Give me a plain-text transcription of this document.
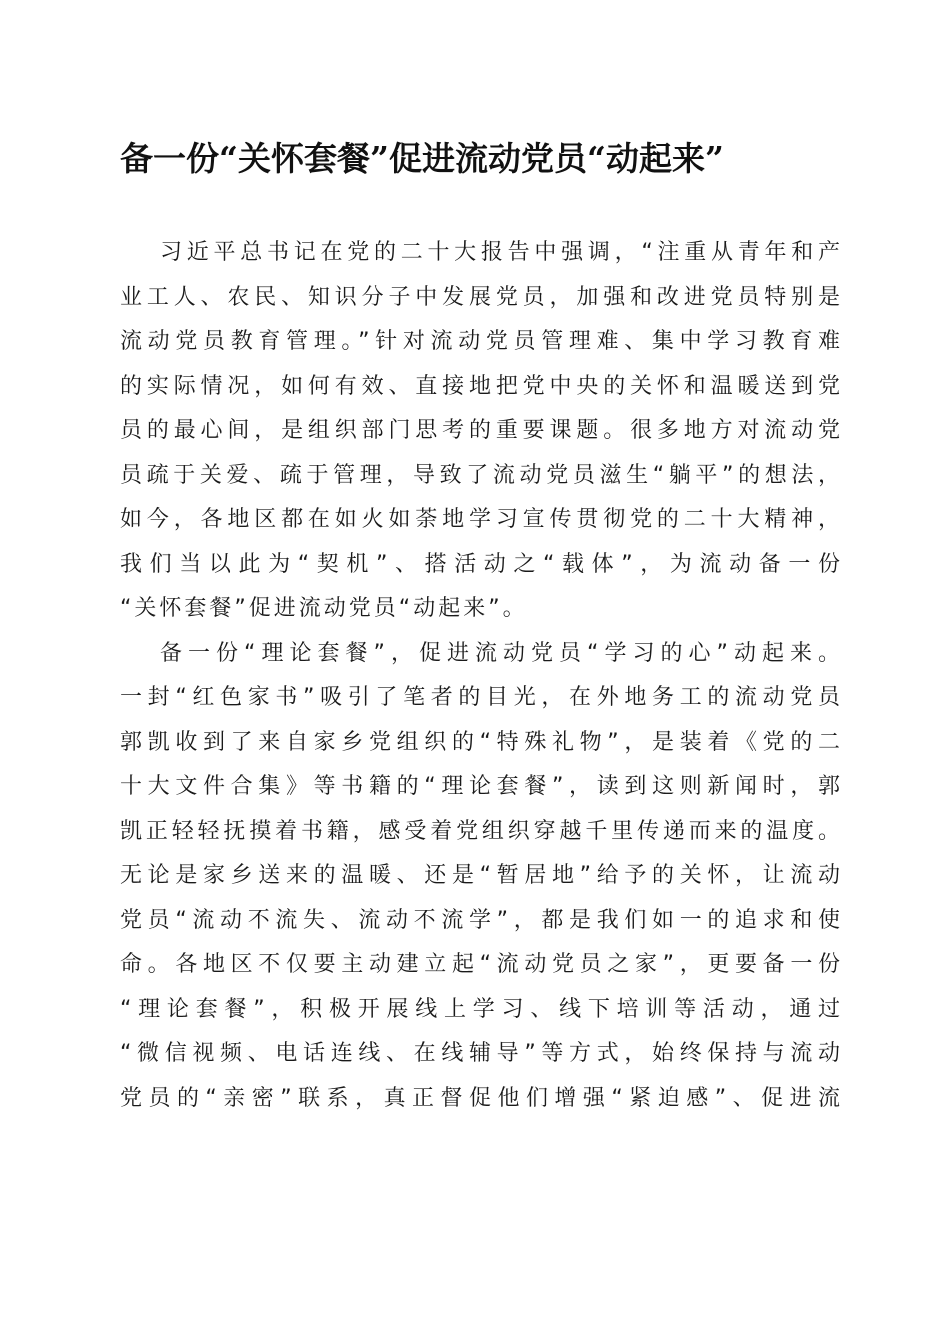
备一份“关怀套餐”促进流动党员“动起来”

习近平总书记在党的二十大报告中强调，“注重从青年和产
业工人、农民、知识分子中发展党员，加强和改进党员特别是
流动党员教育管理。”针对流动党员管理难、集中学习教育难
的实际情况，如何有效、直接地把党中央的关怀和温暖送到党
员的最心间，是组织部门思考的重要课题。很多地方对流动党
员疏于关爱、疏于管理，导致了流动党员滋生“躺平”的想法，
如今，各地区都在如火如荼地学习宣传贯彻党的二十大精神，
我们当以此为“契机”、搭活动之“载体”，为流动备一份
“关怀套餐”促进流动党员“动起来”。

备一份“理论套餐”，促进流动党员“学习的心”动起来。
一封“红色家书”吸引了笔者的目光，在外地务工的流动党员
郭凯收到了来自家乡党组织的“特殊礼物”，是装着《党的二
十大文件合集》等书籍的“理论套餐”，读到这则新闻时，郭
凯正轻轻抚摸着书籍，感受着党组织穿越千里传递而来的温度。
无论是家乡送来的温暖、还是“暂居地”给予的关怀，让流动
党员“流动不流失、流动不流学”，都是我们如一的追求和使
命。各地区不仅要主动建立起“流动党员之家”，更要备一份
“理论套餐”，积极开展线上学习、线下培训等活动，通过
“微信视频、电话连线、在线辅导”等方式，始终保持与流动
党员的“亲密”联系，真正督促他们增强“紧迫感”、促进流
